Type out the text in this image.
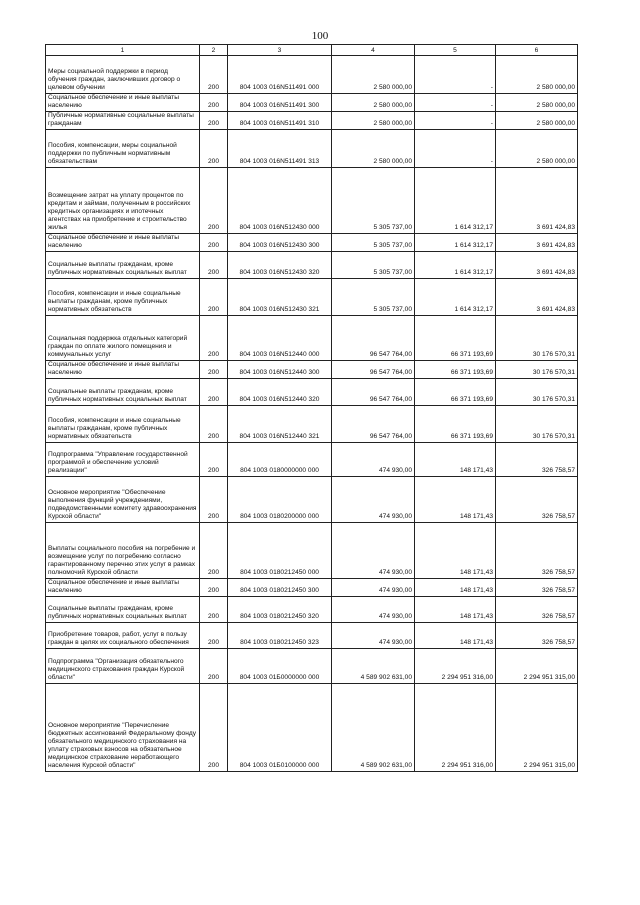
100
1	2	3	4	5	6
Меры социальной поддержки в период обучения граждан, заключивших договор о целевом обучении	200	804 1003 016N511491 000	2 580 000,00	-	2 580 000,00
Социальное обеспечение и иные выплаты населению	200	804 1003 016N511491 300	2 580 000,00	-	2 580 000,00
Публичные нормативные социальные выплаты гражданам	200	804 1003 016N511491 310	2 580 000,00	-	2 580 000,00
Пособия, компенсации, меры социальной поддержки по публичным нормативным обязательствам	200	804 1003 016N511491 313	2 580 000,00	-	2 580 000,00
Возмещение затрат на уплату процентов по кредитам и займам, полученным в российских кредитных организациях и ипотечных агентствах на приобретение и строительство жилья	200	804 1003 016N512430 000	5 305 737,00	1 614 312,17	3 691 424,83
Социальное обеспечение и иные выплаты населению	200	804 1003 016N512430 300	5 305 737,00	1 614 312,17	3 691 424,83
Социальные выплаты гражданам, кроме публичных нормативных социальных выплат	200	804 1003 016N512430 320	5 305 737,00	1 614 312,17	3 691 424,83
Пособия, компенсации и иные социальные выплаты гражданам, кроме публичных нормативных обязательств	200	804 1003 016N512430 321	5 305 737,00	1 614 312,17	3 691 424,83
Социальная поддержка отдельных категорий граждан по оплате жилого помещения и коммунальных услуг	200	804 1003 016N512440 000	96 547 764,00	66 371 193,69	30 176 570,31
Социальное обеспечение и иные выплаты населению	200	804 1003 016N512440 300	96 547 764,00	66 371 193,69	30 176 570,31
Социальные выплаты гражданам, кроме публичных нормативных социальных выплат	200	804 1003 016N512440 320	96 547 764,00	66 371 193,69	30 176 570,31
Пособия, компенсации и иные социальные выплаты гражданам, кроме публичных нормативных обязательств	200	804 1003 016N512440 321	96 547 764,00	66 371 193,69	30 176 570,31
Подпрограмма "Управление государственной программой и обеспечение условий реализации"	200	804 1003 0180000000 000	474 930,00	148 171,43	326 758,57
Основное мероприятие "Обеспечение выполнения функций учреждениями, подведомственными комитету здравоохранения Курской области"	200	804 1003 0180200000 000	474 930,00	148 171,43	326 758,57
Выплаты социального пособия на погребение и возмещение услуг по погребению согласно гарантированному перечню этих услуг в рамках полномочий Курской области	200	804 1003 0180212450 000	474 930,00	148 171,43	326 758,57
Социальное обеспечение и иные выплаты населению	200	804 1003 0180212450 300	474 930,00	148 171,43	326 758,57
Социальные выплаты гражданам, кроме публичных нормативных социальных выплат	200	804 1003 0180212450 320	474 930,00	148 171,43	326 758,57
Приобретение товаров, работ, услуг в пользу граждан в целях их социального обеспечения	200	804 1003 0180212450 323	474 930,00	148 171,43	326 758,57
Подпрограмма "Организация обязательного медицинского страхования граждан Курской области"	200	804 1003 01Б0000000 000	4 589 902 631,00	2 294 951 316,00	2 294 951 315,00
Основное мероприятие "Перечисление бюджетных ассигнований Федеральному фонду обязательного медицинского страхования на уплату страховых взносов на обязательное медицинское страхование неработающего населения Курской области"	200	804 1003 01Б0100000 000	4 589 902 631,00	2 294 951 316,00	2 294 951 315,00
